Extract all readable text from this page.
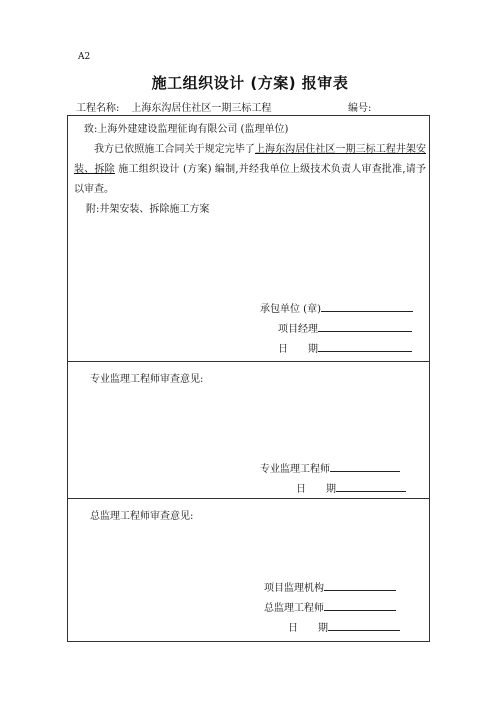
A2
施工组织设计 (方案) 报审表
工程名称: 上海东沟居住社区一期三标工程	编号:
致:上海外建建设监理征询有限公司 (监理单位)
我方已依照施工合同关于规定完毕了上海东沟居住社区一期三标工程井架安装、拆除 施工组织设计 (方案) 编制,并经我单位上级技术负责人审查批准,请予以审查。
附:井架安装、拆除施工方案
承包单位 (章)
项目经理
日　　期
专业监理工程师审查意见:
专业监理工程师
日　　期
总监理工程师审查意见:
项目监理机构
总监理工程师
日　　期
